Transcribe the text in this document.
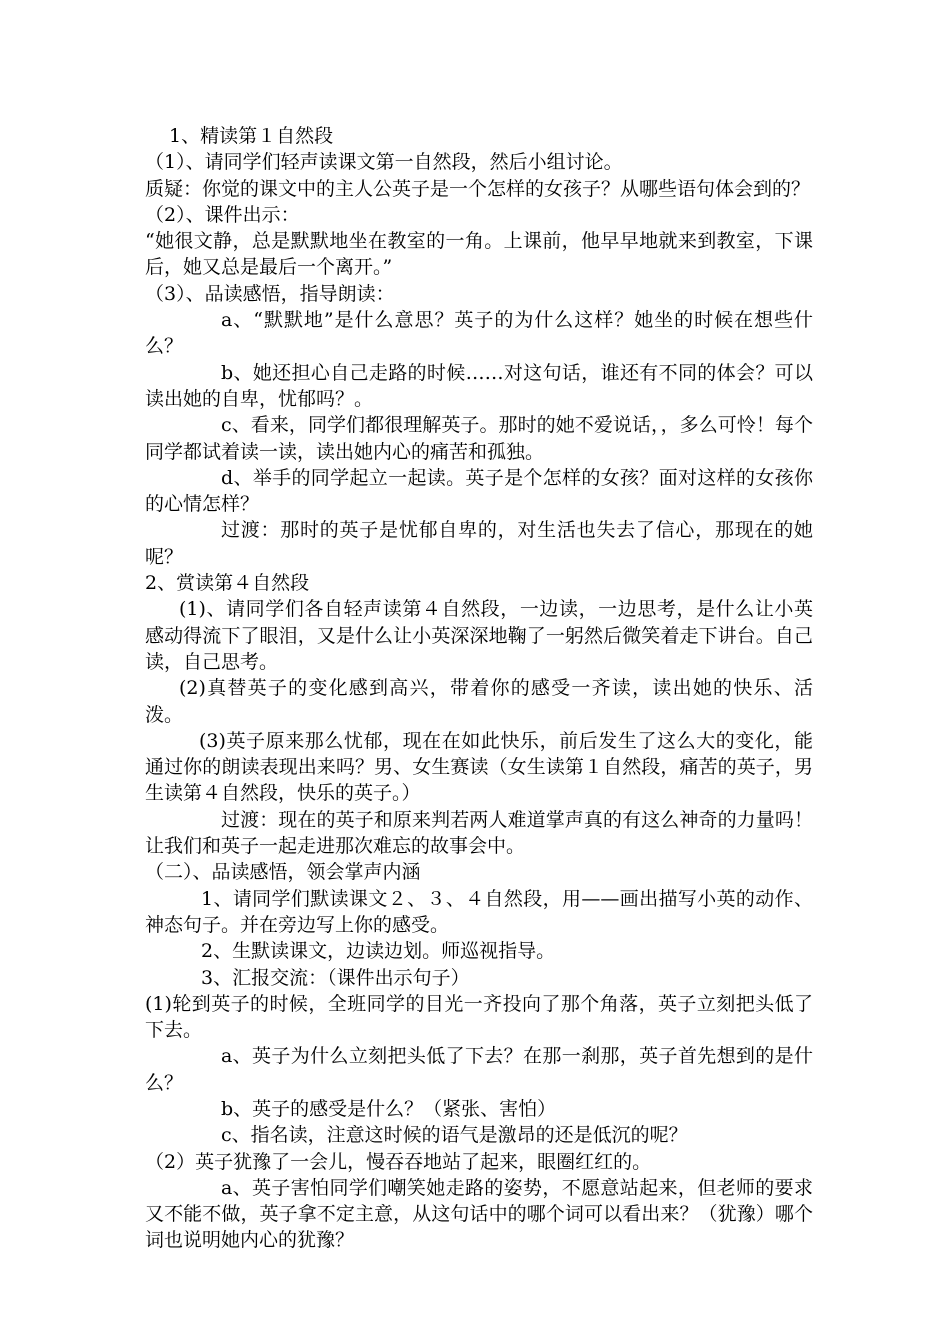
1、精读第１自然段

（1）、请同学们轻声读课文第一自然段，然后小组讨论。

质疑：你觉的课文中的主人公英子是一个怎样的女孩子？从哪些语句体会到的？

（2）、课件出示：

“她很文静，总是默默地坐在教室的一角。上课前，他早早地就来到教室，下课后，她又总是最后一个离开。”

（3）、品读感悟，指导朗读：

a、“默默地”是什么意思？英子的为什么这样？她坐的时候在想些什么？

b、她还担心自己走路的时候……对这句话，谁还有不同的体会？可以读出她的自卑，忧郁吗？。

c、看来，同学们都很理解英子。那时的她不爱说话，，多么可怜！每个同学都试着读一读，读出她内心的痛苦和孤独。

d、举手的同学起立一起读。英子是个怎样的女孩？面对这样的女孩你的心情怎样？

过渡：那时的英子是忧郁自卑的，对生活也失去了信心，那现在的她呢？

2、赏读第４自然段

(1)、请同学们各自轻声读第４自然段，一边读，一边思考，是什么让小英感动得流下了眼泪，又是什么让小英深深地鞠了一躬然后微笑着走下讲台。自己读，自己思考。

(2)真替英子的变化感到高兴，带着你的感受一齐读，读出她的快乐、活泼。

(3)英子原来那么忧郁，现在在如此快乐，前后发生了这么大的变化，能通过你的朗读表现出来吗？男、女生赛读（女生读第１自然段，痛苦的英子，男生读第４自然段，快乐的英子。）

过渡：现在的英子和原来判若两人难道掌声真的有这么神奇的力量吗！让我们和英子一起走进那次难忘的故事会中。

（二）、品读感悟，领会掌声内涵

1、请同学们默读课文２、３、４自然段，用——画出描写小英的动作、神态句子。并在旁边写上你的感受。

2、生默读课文，边读边划。师巡视指导。

3、汇报交流：（课件出示句子）

(1)轮到英子的时候，全班同学的目光一齐投向了那个角落，英子立刻把头低了下去。

a、英子为什么立刻把头低了下去？在那一刹那，英子首先想到的是什么？

b、英子的感受是什么？（紧张、害怕）

c、指名读，注意这时候的语气是激昂的还是低沉的呢？

（2）英子犹豫了一会儿，慢吞吞地站了起来，眼圈红红的。

a、英子害怕同学们嘲笑她走路的姿势，不愿意站起来，但老师的要求又不能不做，英子拿不定主意，从这句话中的哪个词可以看出来？（犹豫）哪个词也说明她内心的犹豫？
